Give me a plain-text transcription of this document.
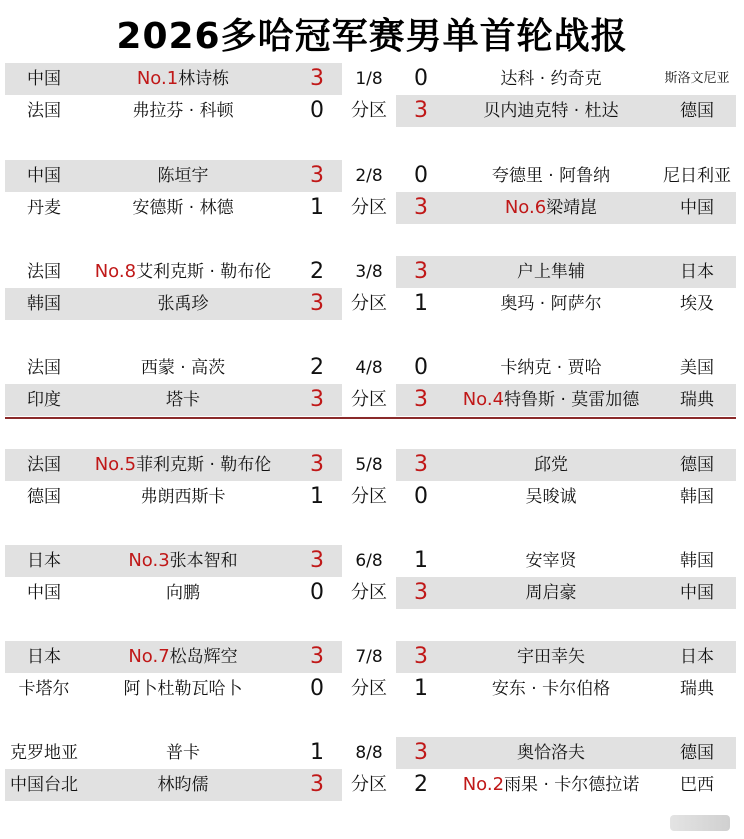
2026多哈冠军赛男单首轮战报
中国	No.1林诗栋	3	1/8	0	达科 · 约奇克	斯洛文尼亚
法国	弗拉芬 · 科顿	0	分区	3	贝内迪克特 · 杜达	德国
中国	陈垣宇	3	2/8	0	夸德里 · 阿鲁纳	尼日利亚
丹麦	安德斯 · 林德	1	分区	3	No.6梁靖崑	中国
法国	No.8艾利克斯 · 勒布伦	2	3/8	3	户上隼辅	日本
韩国	张禹珍	3	分区	1	奥玛 · 阿萨尔	埃及
法国	西蒙 · 高茨	2	4/8	0	卡纳克 · 贾哈	美国
印度	塔卡	3	分区	3	No.4特鲁斯 · 莫雷加德	瑞典
法国	No.5菲利克斯 · 勒布伦	3	5/8	3	邱党	德国
德国	弗朗西斯卡	1	分区	0	吴晙诚	韩国
日本	No.3张本智和	3	6/8	1	安宰贤	韩国
中国	向鹏	0	分区	3	周启豪	中国
日本	No.7松岛辉空	3	7/8	3	宇田幸矢	日本
卡塔尔	阿卜杜勒瓦哈卜	0	分区	1	安东 · 卡尔伯格	瑞典
克罗地亚	普卡	1	8/8	3	奥恰洛夫	德国
中国台北	林昀儒	3	分区	2	No.2雨果 · 卡尔德拉诺	巴西
